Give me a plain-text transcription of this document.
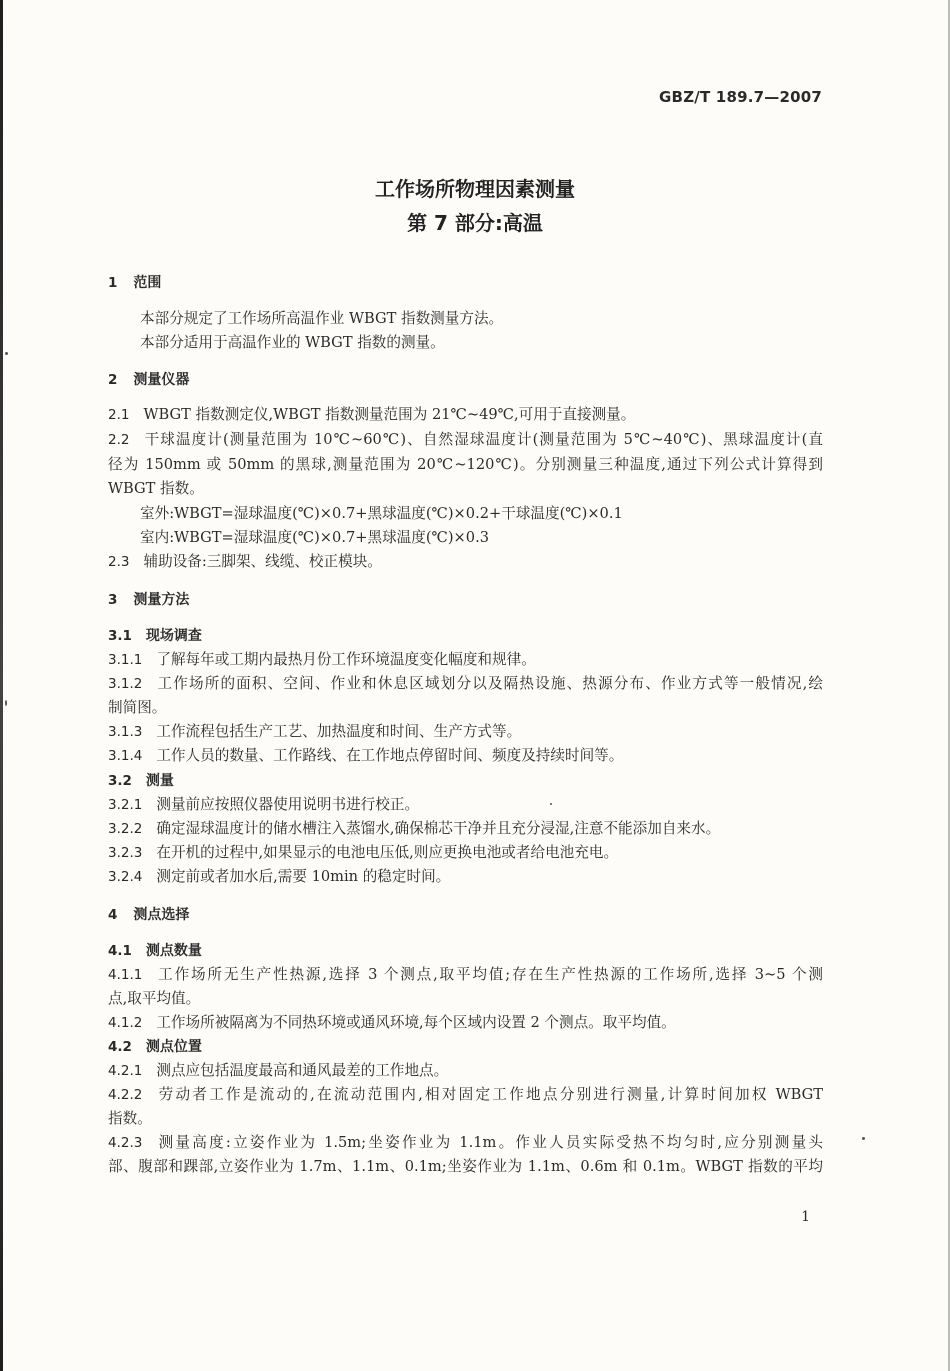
GBZ/T 189.7—2007
工作场所物理因素测量
第 7 部分:高温
1 范围
本部分规定了工作场所高温作业 WBGT 指数测量方法。
本部分适用于高温作业的 WBGT 指数的测量。
2 测量仪器
2.1 WBGT 指数测定仪,WBGT 指数测量范围为 21℃~49℃,可用于直接测量。
2.2 干球温度计(测量范围为 10℃~60℃)、自然湿球温度计(测量范围为 5℃~40℃)、黑球温度计(直
径为 150mm 或 50mm 的黑球,测量范围为 20℃~120℃)。分别测量三种温度,通过下列公式计算得到
WBGT 指数。
室外:WBGT=湿球温度(℃)×0.7+黑球温度(℃)×0.2+干球温度(℃)×0.1
室内:WBGT=湿球温度(℃)×0.7+黑球温度(℃)×0.3
2.3 辅助设备:三脚架、线缆、校正模块。
3 测量方法
3.1 现场调查
3.1.1 了解每年或工期内最热月份工作环境温度变化幅度和规律。
3.1.2 工作场所的面积、空间、作业和休息区域划分以及隔热设施、热源分布、作业方式等一般情况,绘
制简图。
3.1.3 工作流程包括生产工艺、加热温度和时间、生产方式等。
3.1.4 工作人员的数量、工作路线、在工作地点停留时间、频度及持续时间等。
3.2 测量
3.2.1 测量前应按照仪器使用说明书进行校正。
3.2.2 确定湿球温度计的储水槽注入蒸馏水,确保棉芯干净并且充分浸湿,注意不能添加自来水。
3.2.3 在开机的过程中,如果显示的电池电压低,则应更换电池或者给电池充电。
3.2.4 测定前或者加水后,需要 10min 的稳定时间。
4 测点选择
4.1 测点数量
4.1.1 工作场所无生产性热源,选择 3 个测点,取平均值;存在生产性热源的工作场所,选择 3~5 个测
点,取平均值。
4.1.2 工作场所被隔离为不同热环境或通风环境,每个区域内设置 2 个测点。取平均值。
4.2 测点位置
4.2.1 测点应包括温度最高和通风最差的工作地点。
4.2.2 劳动者工作是流动的,在流动范围内,相对固定工作地点分别进行测量,计算时间加权 WBGT
指数。
4.2.3 测量高度:立姿作业为 1.5m;坐姿作业为 1.1m。作业人员实际受热不均匀时,应分别测量头
部、腹部和踝部,立姿作业为 1.7m、1.1m、0.1m;坐姿作业为 1.1m、0.6m 和 0.1m。WBGT 指数的平均
1
